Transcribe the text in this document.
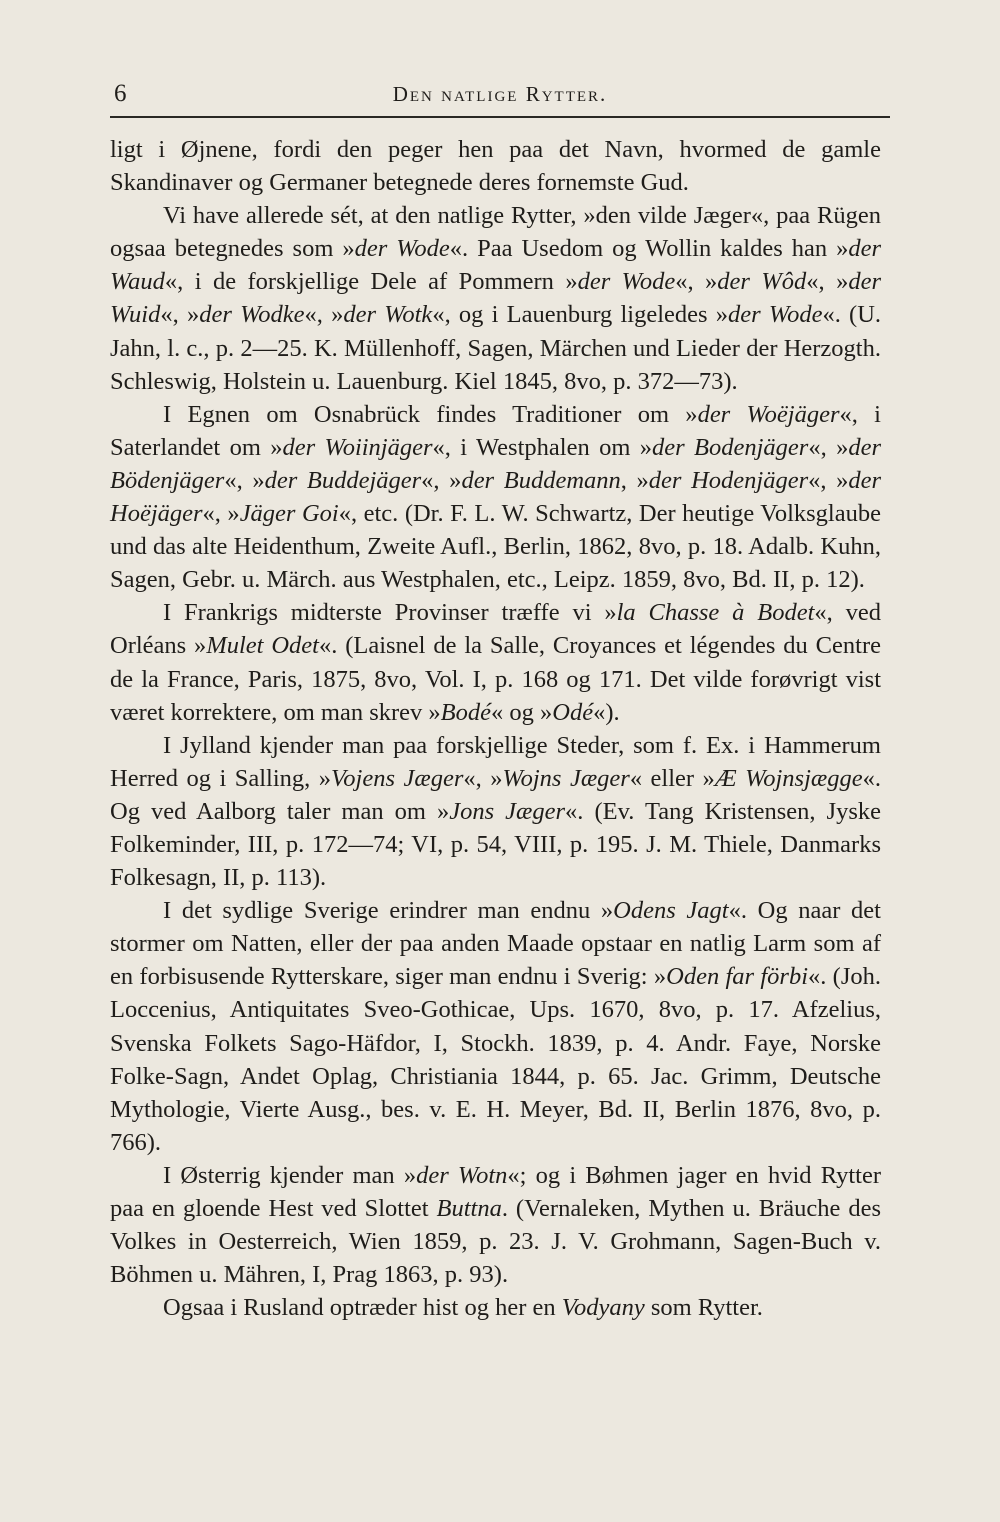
6	Den natlige Rytter.

ligt i Øjnene, fordi den peger hen paa det Navn, hvormed de gamle Skandinaver og Germaner betegnede deres fornemste Gud.

Vi have allerede sét, at den natlige Rytter, »den vilde Jæger«, paa Rügen ogsaa betegnedes som »der Wode«. Paa Usedom og Wollin kaldes han »der Waud«, i de forskjellige Dele af Pommern »der Wode«, »der Wôd«, »der Wuid«, »der Wodke«, »der Wotk«, og i Lauenburg ligeledes »der Wode«. (U. Jahn, l. c., p. 2—25. K. Müllenhoff, Sagen, Märchen und Lieder der Herzogth. Schleswig, Holstein u. Lauenburg. Kiel 1845, 8vo, p. 372—73).

I Egnen om Osnabrück findes Traditioner om »der Woëjäger«, i Saterlandet om »der Woiinjäger«, i Westphalen om »der Bodenjäger«, »der Bödenjäger«, »der Buddejäger«, »der Buddemann, »der Hodenjäger«, »der Hoëjäger«, »Jäger Goi«, etc. (Dr. F. L. W. Schwartz, Der heutige Volksglaube und das alte Heidenthum, Zweite Aufl., Berlin, 1862, 8vo, p. 18. Adalb. Kuhn, Sagen, Gebr. u. Märch. aus Westphalen, etc., Leipz. 1859, 8vo, Bd. II, p. 12).

I Frankrigs midterste Provinser træffe vi »la Chasse à Bodet«, ved Orléans »Mulet Odet«. (Laisnel de la Salle, Croyances et légendes du Centre de la France, Paris, 1875, 8vo, Vol. I, p. 168 og 171. Det vilde forøvrigt vist været korrektere, om man skrev »Bodé« og »Odé«).

I Jylland kjender man paa forskjellige Steder, som f. Ex. i Hammerum Herred og i Salling, »Vojens Jæger«, »Wojns Jæger« eller »Æ Wojnsjægge«. Og ved Aalborg taler man om »Jons Jæger«. (Ev. Tang Kristensen, Jyske Folkeminder, III, p. 172—74; VI, p. 54, VIII, p. 195. J. M. Thiele, Danmarks Folkesagn, II, p. 113).

I det sydlige Sverige erindrer man endnu »Odens Jagt«. Og naar det stormer om Natten, eller der paa anden Maade opstaar en natlig Larm som af en forbisusende Rytterskare, siger man endnu i Sverig: »Oden far förbi«. (Joh. Loccenius, Antiquitates Sveo-Gothicae, Ups. 1670, 8vo, p. 17. Afzelius, Svenska Folkets Sago-Häfdor, I, Stockh. 1839, p. 4. Andr. Faye, Norske Folke-Sagn, Andet Oplag, Christiania 1844, p. 65. Jac. Grimm, Deutsche Mythologie, Vierte Ausg., bes. v. E. H. Meyer, Bd. II, Berlin 1876, 8vo, p. 766).

I Østerrig kjender man »der Wotn«; og i Bøhmen jager en hvid Rytter paa en gloende Hest ved Slottet Buttna. (Vernaleken, Mythen u. Bräuche des Volkes in Oesterreich, Wien 1859, p. 23. J. V. Grohmann, Sagen-Buch v. Böhmen u. Mähren, I, Prag 1863, p. 93).

Ogsaa i Rusland optræder hist og her en Vodyany som Rytter.
